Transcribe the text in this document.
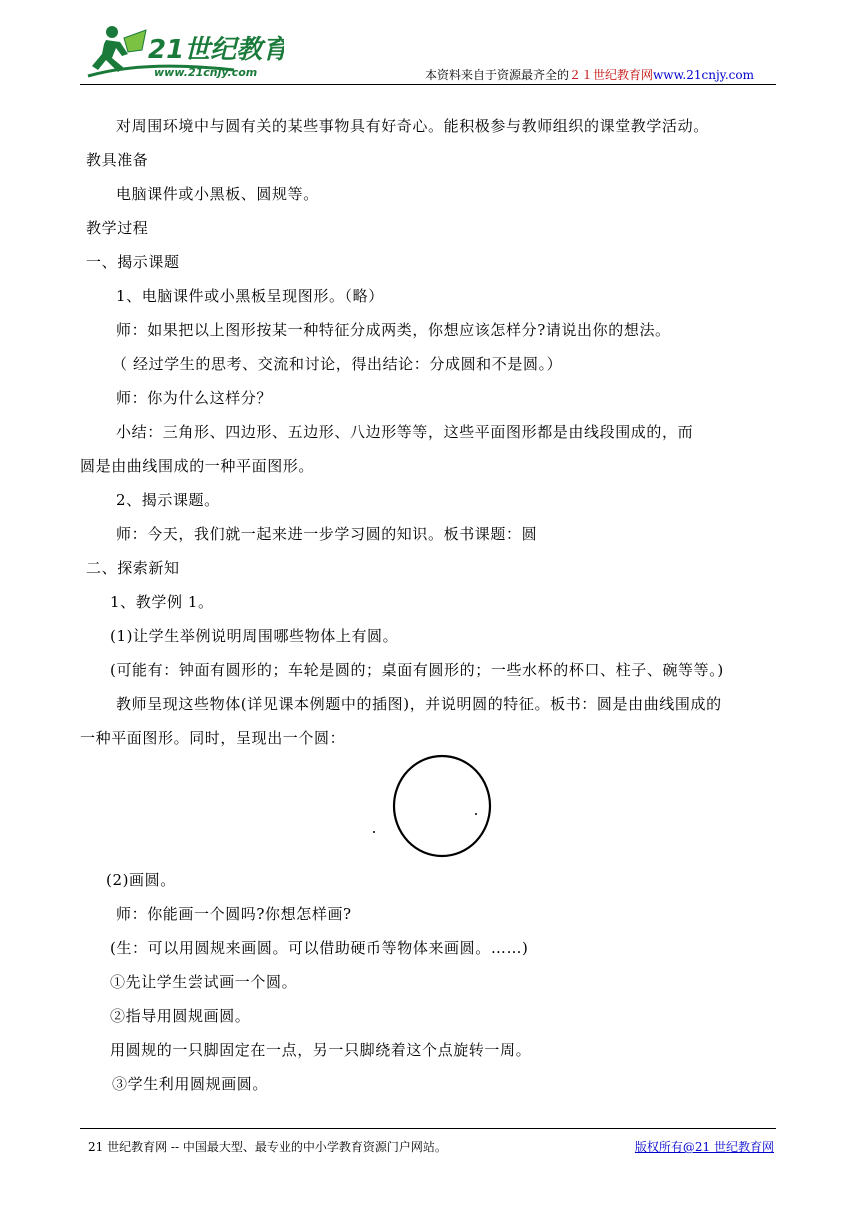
21世纪教育
www.21cnjy.com	本资料来自于资源最齐全的２１世纪教育网www.21cnjy.com
对周围环境中与圆有关的某些事物具有好奇心。能积极参与教师组织的课堂教学活动。
教具准备
电脑课件或小黑板、圆规等。
教学过程
一、揭示课题
1、电脑课件或小黑板呈现图形。（略）
师：如果把以上图形按某一种特征分成两类，你想应该怎样分?请说出你的想法。
（ 经过学生的思考、交流和讨论，得出结论：分成圆和不是圆。）
师：你为什么这样分？
小结：三角形、四边形、五边形、八边形等等，这些平面图形都是由线段围成的，而
圆是由曲线围成的一种平面图形。
2、揭示课题。
师：今天，我们就一起来进一步学习圆的知识。板书课题：圆
二、探索新知
1、教学例 1。
(1)让学生举例说明周围哪些物体上有圆。
(可能有：钟面有圆形的；车轮是圆的；桌面有圆形的；一些水杯的杯口、柱子、碗等等。)
教师呈现这些物体(详见课本例题中的插图)，并说明圆的特征。板书：圆是由曲线围成的
一种平面图形。同时，呈现出一个圆：
(2)画圆。
师：你能画一个圆吗?你想怎样画?
(生：可以用圆规来画圆。可以借助硬币等物体来画圆。……)
①先让学生尝试画一个圆。
②指导用圆规画圆。
用圆规的一只脚固定在一点，另一只脚绕着这个点旋转一周。
③学生利用圆规画圆。
21 世纪教育网 -- 中国最大型、最专业的中小学教育资源门户网站。	版权所有@21 世纪教育网
